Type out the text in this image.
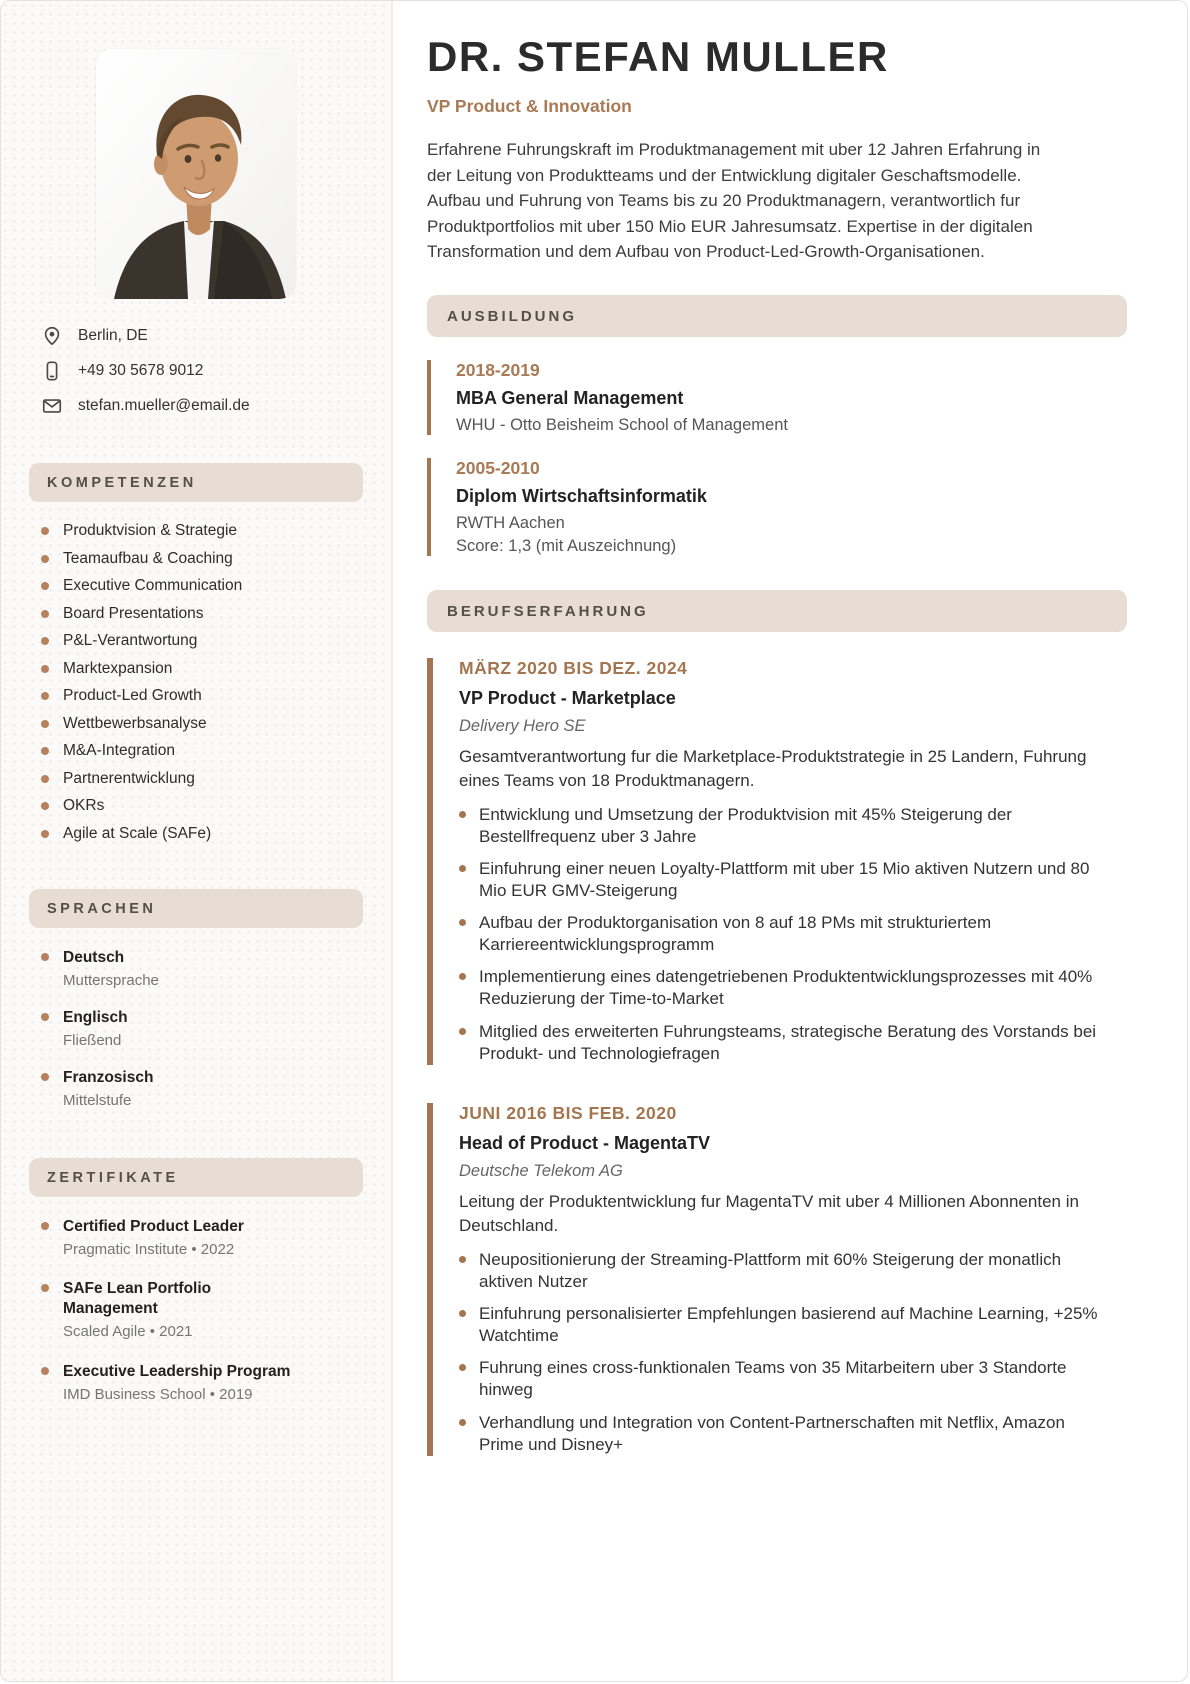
Berlin, DE
+49 30 5678 9012
stefan.mueller@email.de
KOMPETENZEN
Produktvision & Strategie
Teamaufbau & Coaching
Executive Communication
Board Presentations
P&L-Verantwortung
Marktexpansion
Product-Led Growth
Wettbewerbsanalyse
M&A-Integration
Partnerentwicklung
OKRs
Agile at Scale (SAFe)
SPRACHEN
Deutsch
Muttersprache
Englisch
Fließend
Franzosisch
Mittelstufe
ZERTIFIKATE
Certified Product Leader
Pragmatic Institute • 2022
SAFe Lean Portfolio Management
Scaled Agile • 2021
Executive Leadership Program
IMD Business School • 2019
DR. STEFAN MULLER
VP Product & Innovation

Erfahrene Fuhrungskraft im Produktmanagement mit uber 12 Jahren Erfahrung in der Leitung von Produktteams und der Entwicklung digitaler Geschaftsmodelle. Aufbau und Fuhrung von Teams bis zu 20 Produktmanagern, verantwortlich fur Produktportfolios mit uber 150 Mio EUR Jahresumsatz. Expertise in der digitalen Transformation und dem Aufbau von Product-Led-Growth-Organisationen.

AUSBILDUNG
2018-2019
MBA General Management
WHU - Otto Beisheim School of Management
2005-2010
Diplom Wirtschaftsinformatik
RWTH Aachen
Score: 1,3 (mit Auszeichnung)
BERUFSERFAHRUNG
MÄRZ 2020 BIS DEZ. 2024
VP Product - Marketplace
Delivery Hero SE
Gesamtverantwortung fur die Marketplace-Produktstrategie in 25 Landern, Fuhrung eines Teams von 18 Produktmanagern.
Entwicklung und Umsetzung der Produktvision mit 45% Steigerung der Bestellfrequenz uber 3 Jahre
Einfuhrung einer neuen Loyalty-Plattform mit uber 15 Mio aktiven Nutzern und 80 Mio EUR GMV-Steigerung
Aufbau der Produktorganisation von 8 auf 18 PMs mit strukturiertem Karriereentwicklungsprogramm
Implementierung eines datengetriebenen Produktentwicklungsprozesses mit 40% Reduzierung der Time-to-Market
Mitglied des erweiterten Fuhrungsteams, strategische Beratung des Vorstands bei Produkt- und Technologiefragen
JUNI 2016 BIS FEB. 2020
Head of Product - MagentaTV
Deutsche Telekom AG
Leitung der Produktentwicklung fur MagentaTV mit uber 4 Millionen Abonnenten in Deutschland.
Neupositionierung der Streaming-Plattform mit 60% Steigerung der monatlich aktiven Nutzer
Einfuhrung personalisierter Empfehlungen basierend auf Machine Learning, +25% Watchtime
Fuhrung eines cross-funktionalen Teams von 35 Mitarbeitern uber 3 Standorte hinweg
Verhandlung und Integration von Content-Partnerschaften mit Netflix, Amazon Prime und Disney+
